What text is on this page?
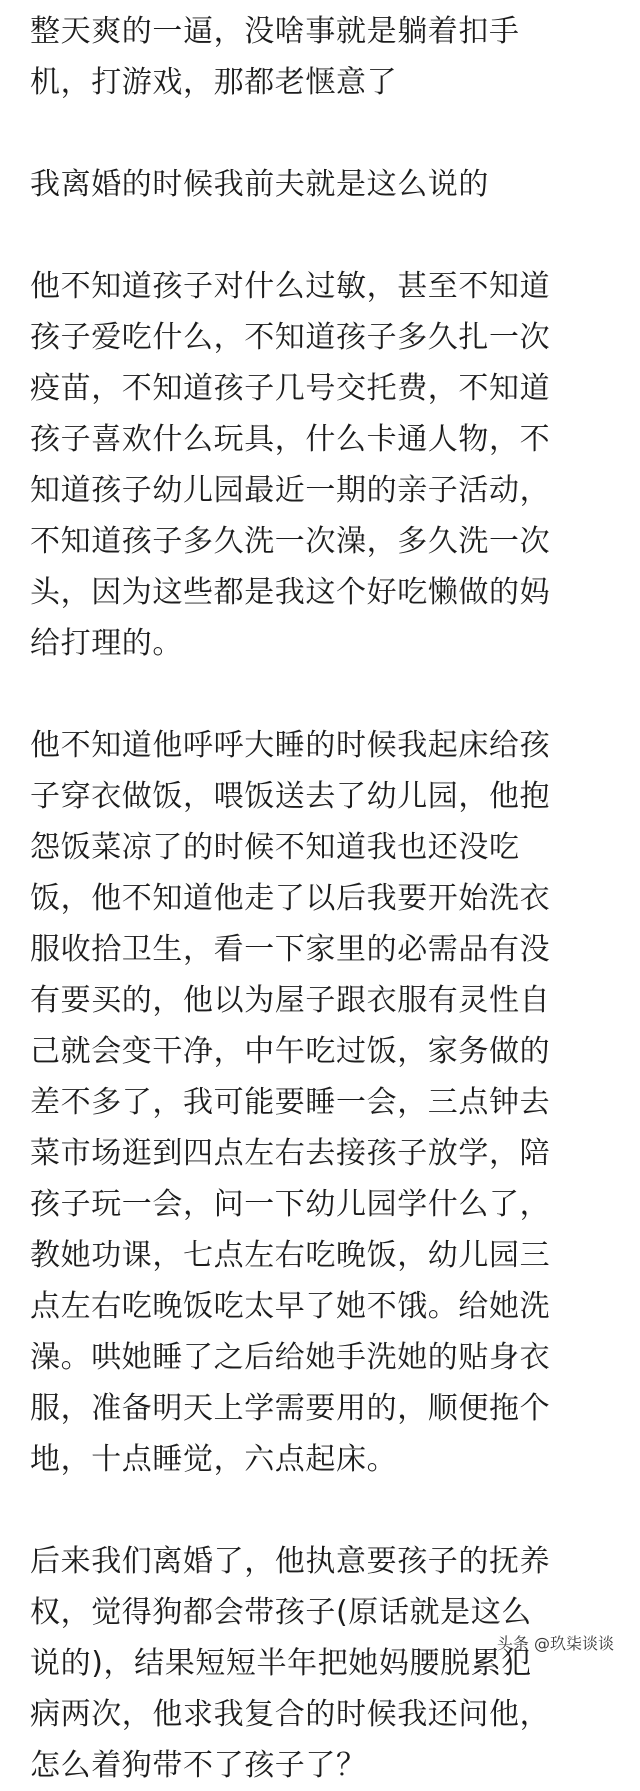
整天爽的一逼，没啥事就是躺着扣手
机，打游戏，那都老惬意了
我离婚的时候我前夫就是这么说的
他不知道孩子对什么过敏，甚至不知道
孩子爱吃什么，不知道孩子多久扎一次
疫苗，不知道孩子几号交托费，不知道
孩子喜欢什么玩具，什么卡通人物，不
知道孩子幼儿园最近一期的亲子活动，
不知道孩子多久洗一次澡，多久洗一次
头，因为这些都是我这个好吃懒做的妈
给打理的。
他不知道他呼呼大睡的时候我起床给孩
子穿衣做饭，喂饭送去了幼儿园，他抱
怨饭菜凉了的时候不知道我也还没吃
饭，他不知道他走了以后我要开始洗衣
服收拾卫生，看一下家里的必需品有没
有要买的，他以为屋子跟衣服有灵性自
己就会变干净，中午吃过饭，家务做的
差不多了，我可能要睡一会，三点钟去
菜市场逛到四点左右去接孩子放学，陪
孩子玩一会，问一下幼儿园学什么了，
教她功课，七点左右吃晚饭，幼儿园三
点左右吃晚饭吃太早了她不饿。给她洗
澡。哄她睡了之后给她手洗她的贴身衣
服，准备明天上学需要用的，顺便拖个
地，十点睡觉，六点起床。
后来我们离婚了，他执意要孩子的抚养
权，觉得狗都会带孩子(原话就是这么
说的)，结果短短半年把她妈腰脱累犯
病两次，他求我复合的时候我还问他，
怎么着狗带不了孩子了？
头条 @玖柒谈谈
